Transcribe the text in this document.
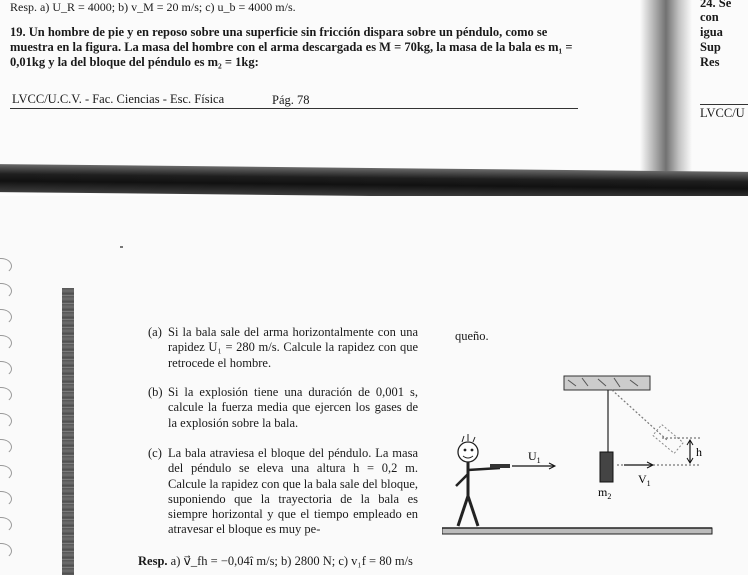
Resp. a) U_R = 4000; b) v_M = 20 m/s; c) u_b = 4000 m/s.
19. Un hombre de pie y en reposo sobre una superficie sin fricción dispara sobre un péndulo, como se muestra en la figura. La masa del hombre con el arma descargada es M = 70kg, la masa de la bala es m₁ = 0,01kg y la del bloque del péndulo es m₂ = 1kg:
LVCC/U.C.V. - Fac. Ciencias - Esc. Física	Pág. 78
24. Se
con
igua
Sup
Res
LVCC/U
(a) Si la bala sale del arma horizontalmente con una rapidez U₁ = 280 m/s. Calcule la rapidez con que retrocede el hombre.
(b) Si la explosión tiene una duración de 0,001 s, calcule la fuerza media que ejercen los gases de la explosión sobre la bala.
(c) La bala atraviesa el bloque del péndulo. La masa del péndulo se eleva una altura h = 0,2 m. Calcule la rapidez con que la bala sale del bloque, suponiendo que la trayectoria de la bala es siempre horizontal y que el tiempo empleado en atravesar el bloque es muy pe-
queño.
Resp. a) v⃗_fh = −0,04î m/s; b) 2800 N; c) v₁f = 80 m/s
h
$V_1$
$m_2$
$U_1$
